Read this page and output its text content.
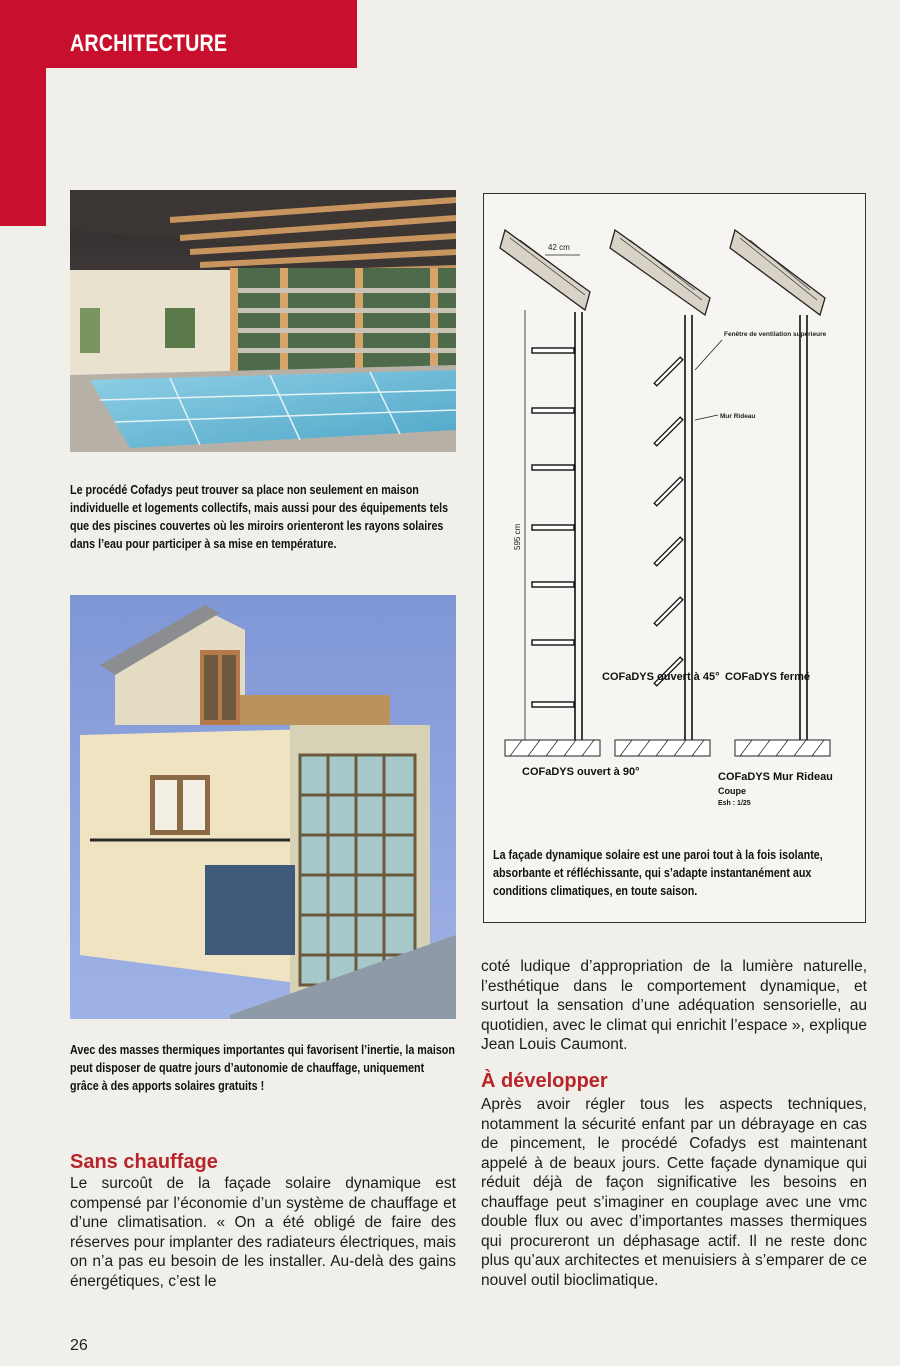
ARCHITECTURE
Le procédé Cofadys peut trouver sa place non seulement en maison individuelle et logements collectifs, mais aussi pour des équipements tels que des piscines couvertes où les miroirs orienteront les rayons solaires dans l’eau pour participer à sa mise en température.
Avec des masses thermiques importantes qui favorisent l’inertie, la maison peut disposer de quatre jours d’autonomie de chauffage, uniquement grâce à des apports solaires gratuits !
42 cm
595 cm
Fenêtre de ventilation supérieure
Mur Rideau
COFaDYS ouvert à 45° COFaDYS fermé
COFaDYS ouvert à 90°	COFaDYS Mur Rideau
Coupe
Esh : 1/25
La façade dynamique solaire est une paroi tout à la fois isolante, absorbante et réfléchissante, qui s’adapte instantanément aux conditions climatiques, en toute saison.
Sans chauffage
Le surcoût de la façade solaire dynamique est compensé par l’économie d’un système de chauffage et d’une climatisation. « On a été obligé de faire des réserves pour implanter des radiateurs électriques, mais on n’a pas eu besoin de les installer. Au-delà des gains énergétiques, c’est le
coté ludique d’appropriation de la lumière naturelle, l’esthétique dans le comportement dynamique, et surtout la sensation d’une adéquation sensorielle, au quotidien, avec le climat qui enrichit l’espace », explique Jean Louis Caumont.
À développer
Après avoir régler tous les aspects techniques, notamment la sécurité enfant par un débrayage en cas de pincement, le procédé Cofadys est maintenant appelé à de beaux jours. Cette façade dynamique qui réduit déjà de façon significative les besoins en chauffage peut s’imaginer en couplage avec une vmc double flux ou avec d’importantes masses thermiques qui procureront un déphasage actif. Il ne reste donc plus qu’aux architectes et menuisiers à s’emparer de ce nouvel outil bioclimatique.
26
